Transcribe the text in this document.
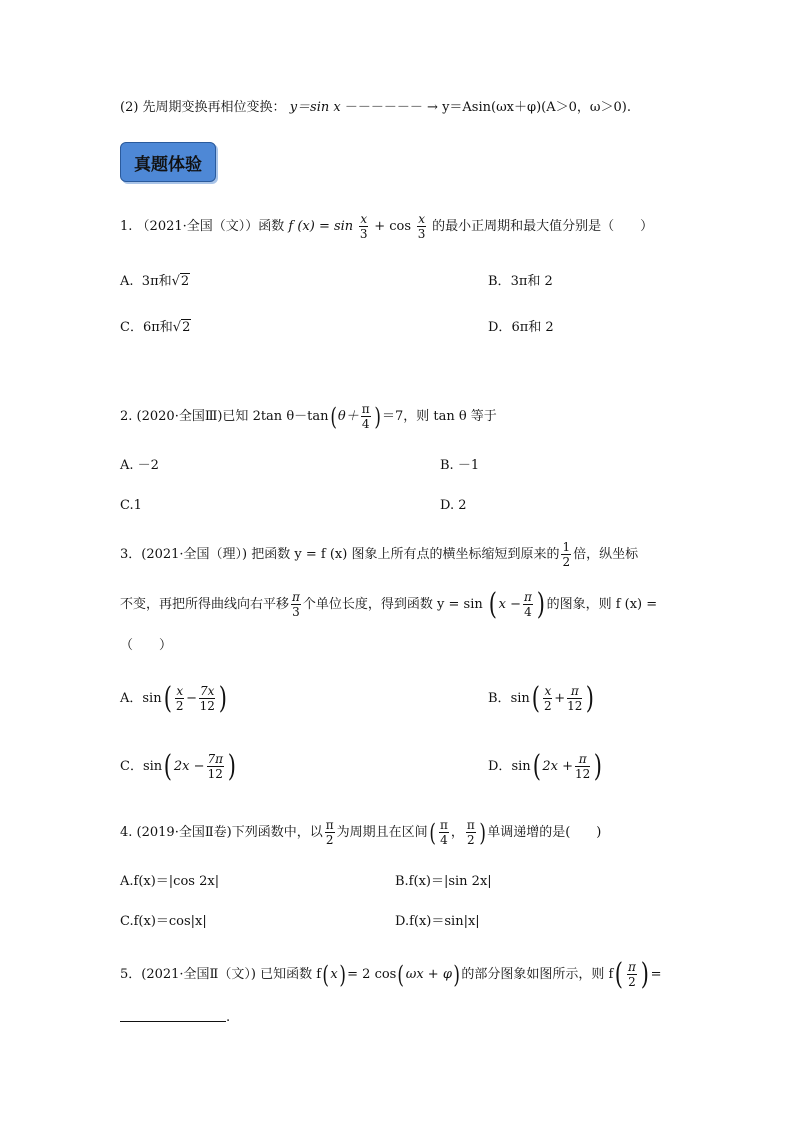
(2) 先周期变换再相位变换： y＝sin x －－－－－－ → y＝Asin(ωx＋φ)(A＞0，ω＞0).
真题体验
1. （2021·全国（文））函数 f $(x) = \sin \frac{x}{3} + \cos \frac{x}{3}$ 的最小正周期和最大值分别是（　　）
A. 3π和√2	B．3π和 2
C．6π和√2	D．6π和 2
2. (2020·全国Ⅲ)已知 2tan $\theta-\tan(\theta+ \frac{\pi}{4} )=7$，则 tan θ 等于
A. －2	B. －1
C.1	D. 2
3．(2021·全国（理）) 把函数 y = f (x) 图象上所有点的横坐标缩短到原来的 $\frac{1}{2}$ 倍，纵坐标
不变，再把所得曲线向右平移 $\frac{\pi}{3}$ 个单位长度，得到函数 y = sin ( $x - \frac{\pi}{4}$ ) 的图象，则 f (x) =
（　　）
A．$\sin( \frac{x}{2} - \frac{7x}{12}$ )	B．$\sin( \frac{x}{2} + \frac{\pi}{12}$ )
C．sin( $2x - \frac{7\pi}{12}$ )	D．sin( $2x + \frac{\pi}{12}$ )
4. (2019·全国Ⅱ卷)下列函数中，以 $\frac{\pi}{2}$ 为周期且在区间( $\frac{\pi}{4}$ ， $\frac{\pi}{2}$ )单调递增的是(　　)
A.f(x)＝|cos 2x|	B.f(x)＝|sin 2x|
C.f(x)＝cos|x|	D.f(x)＝sin|x|
5．(2021·全国Ⅱ（文）) 已知函数 f(x)= 2 cos(ωx + φ)的部分图象如图所示，则 $f( \frac{\pi}{2}$ ) =
.
